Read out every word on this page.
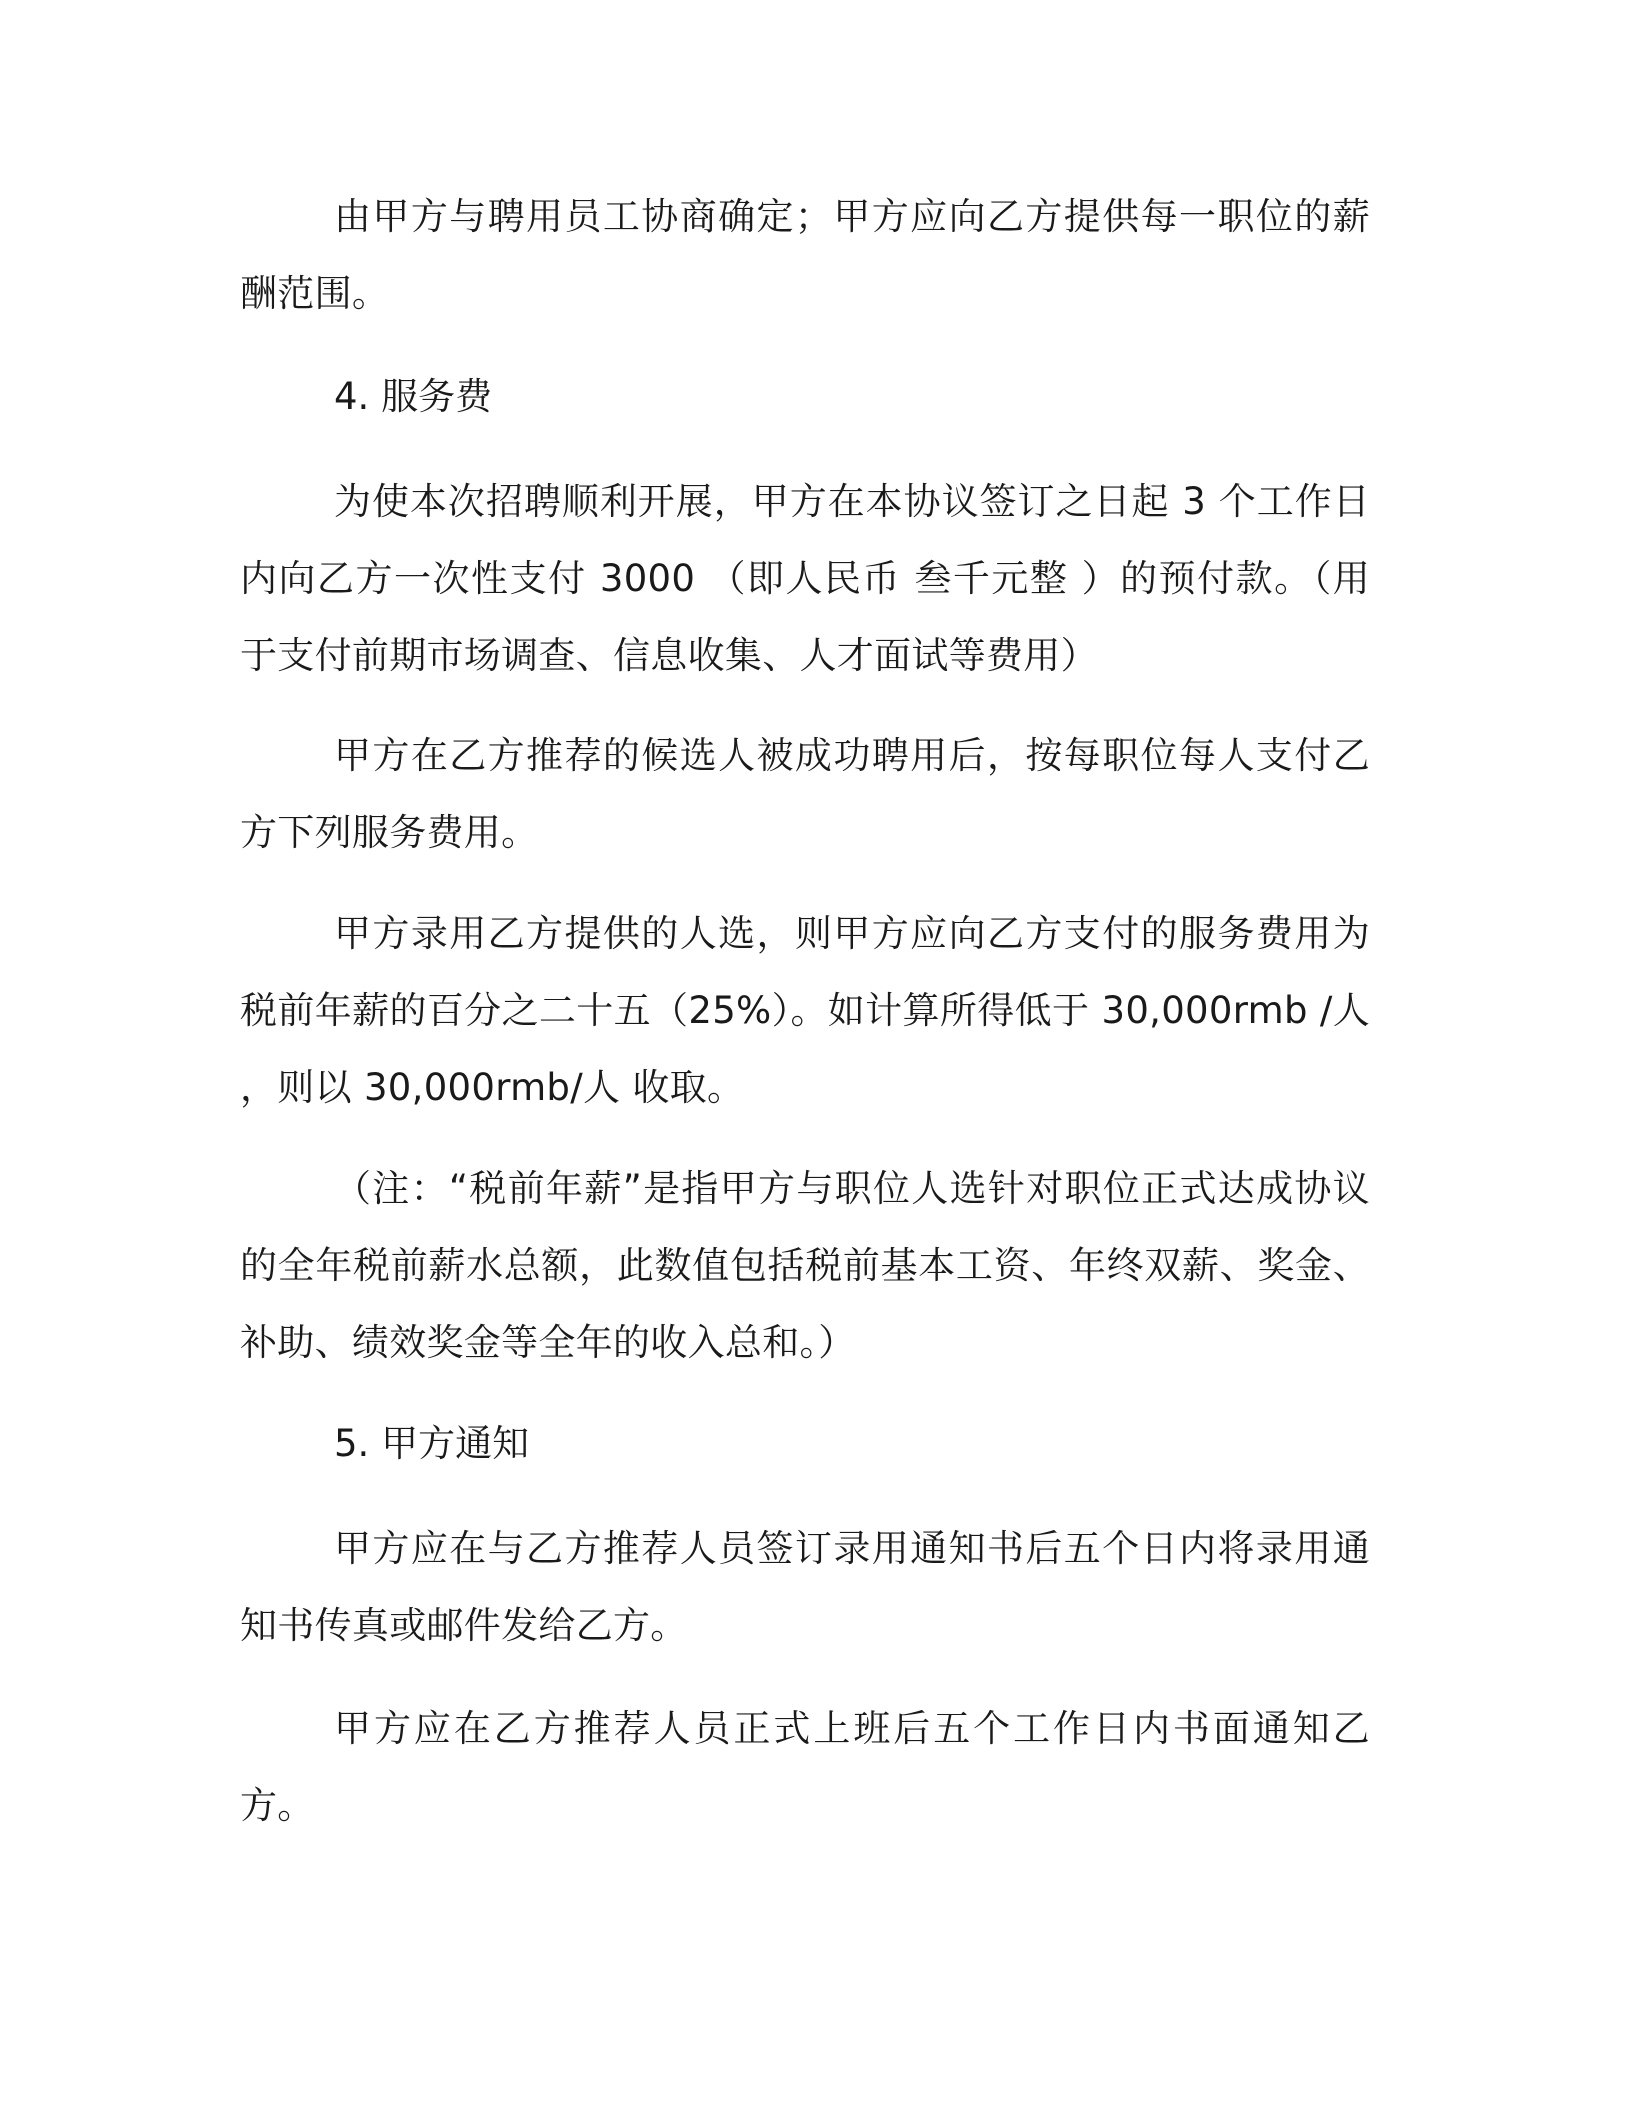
由甲方与聘用员工协商确定；甲方应向乙方提供每一职位的薪酬范围。

4. 服务费

为使本次招聘顺利开展，甲方在本协议签订之日起 3 个工作日内向乙方一次性支付 3000 （即人民币 叁千元整 ）的预付款。（用于支付前期市场调查、信息收集、人才面试等费用）

甲方在乙方推荐的候选人被成功聘用后，按每职位每人支付乙方下列服务费用。

甲方录用乙方提供的人选，则甲方应向乙方支付的服务费用为税前年薪的百分之二十五（25%）。如计算所得低于 30,000rmb /人 ，则以 30,000rmb/人 收取。

（注：“税前年薪”是指甲方与职位人选针对职位正式达成协议的全年税前薪水总额，此数值包括税前基本工资、年终双薪、奖金、补助、绩效奖金等全年的收入总和。）

5. 甲方通知

甲方应在与乙方推荐人员签订录用通知书后五个日内将录用通知书传真或邮件发给乙方。

甲方应在乙方推荐人员正式上班后五个工作日内书面通知乙方。
